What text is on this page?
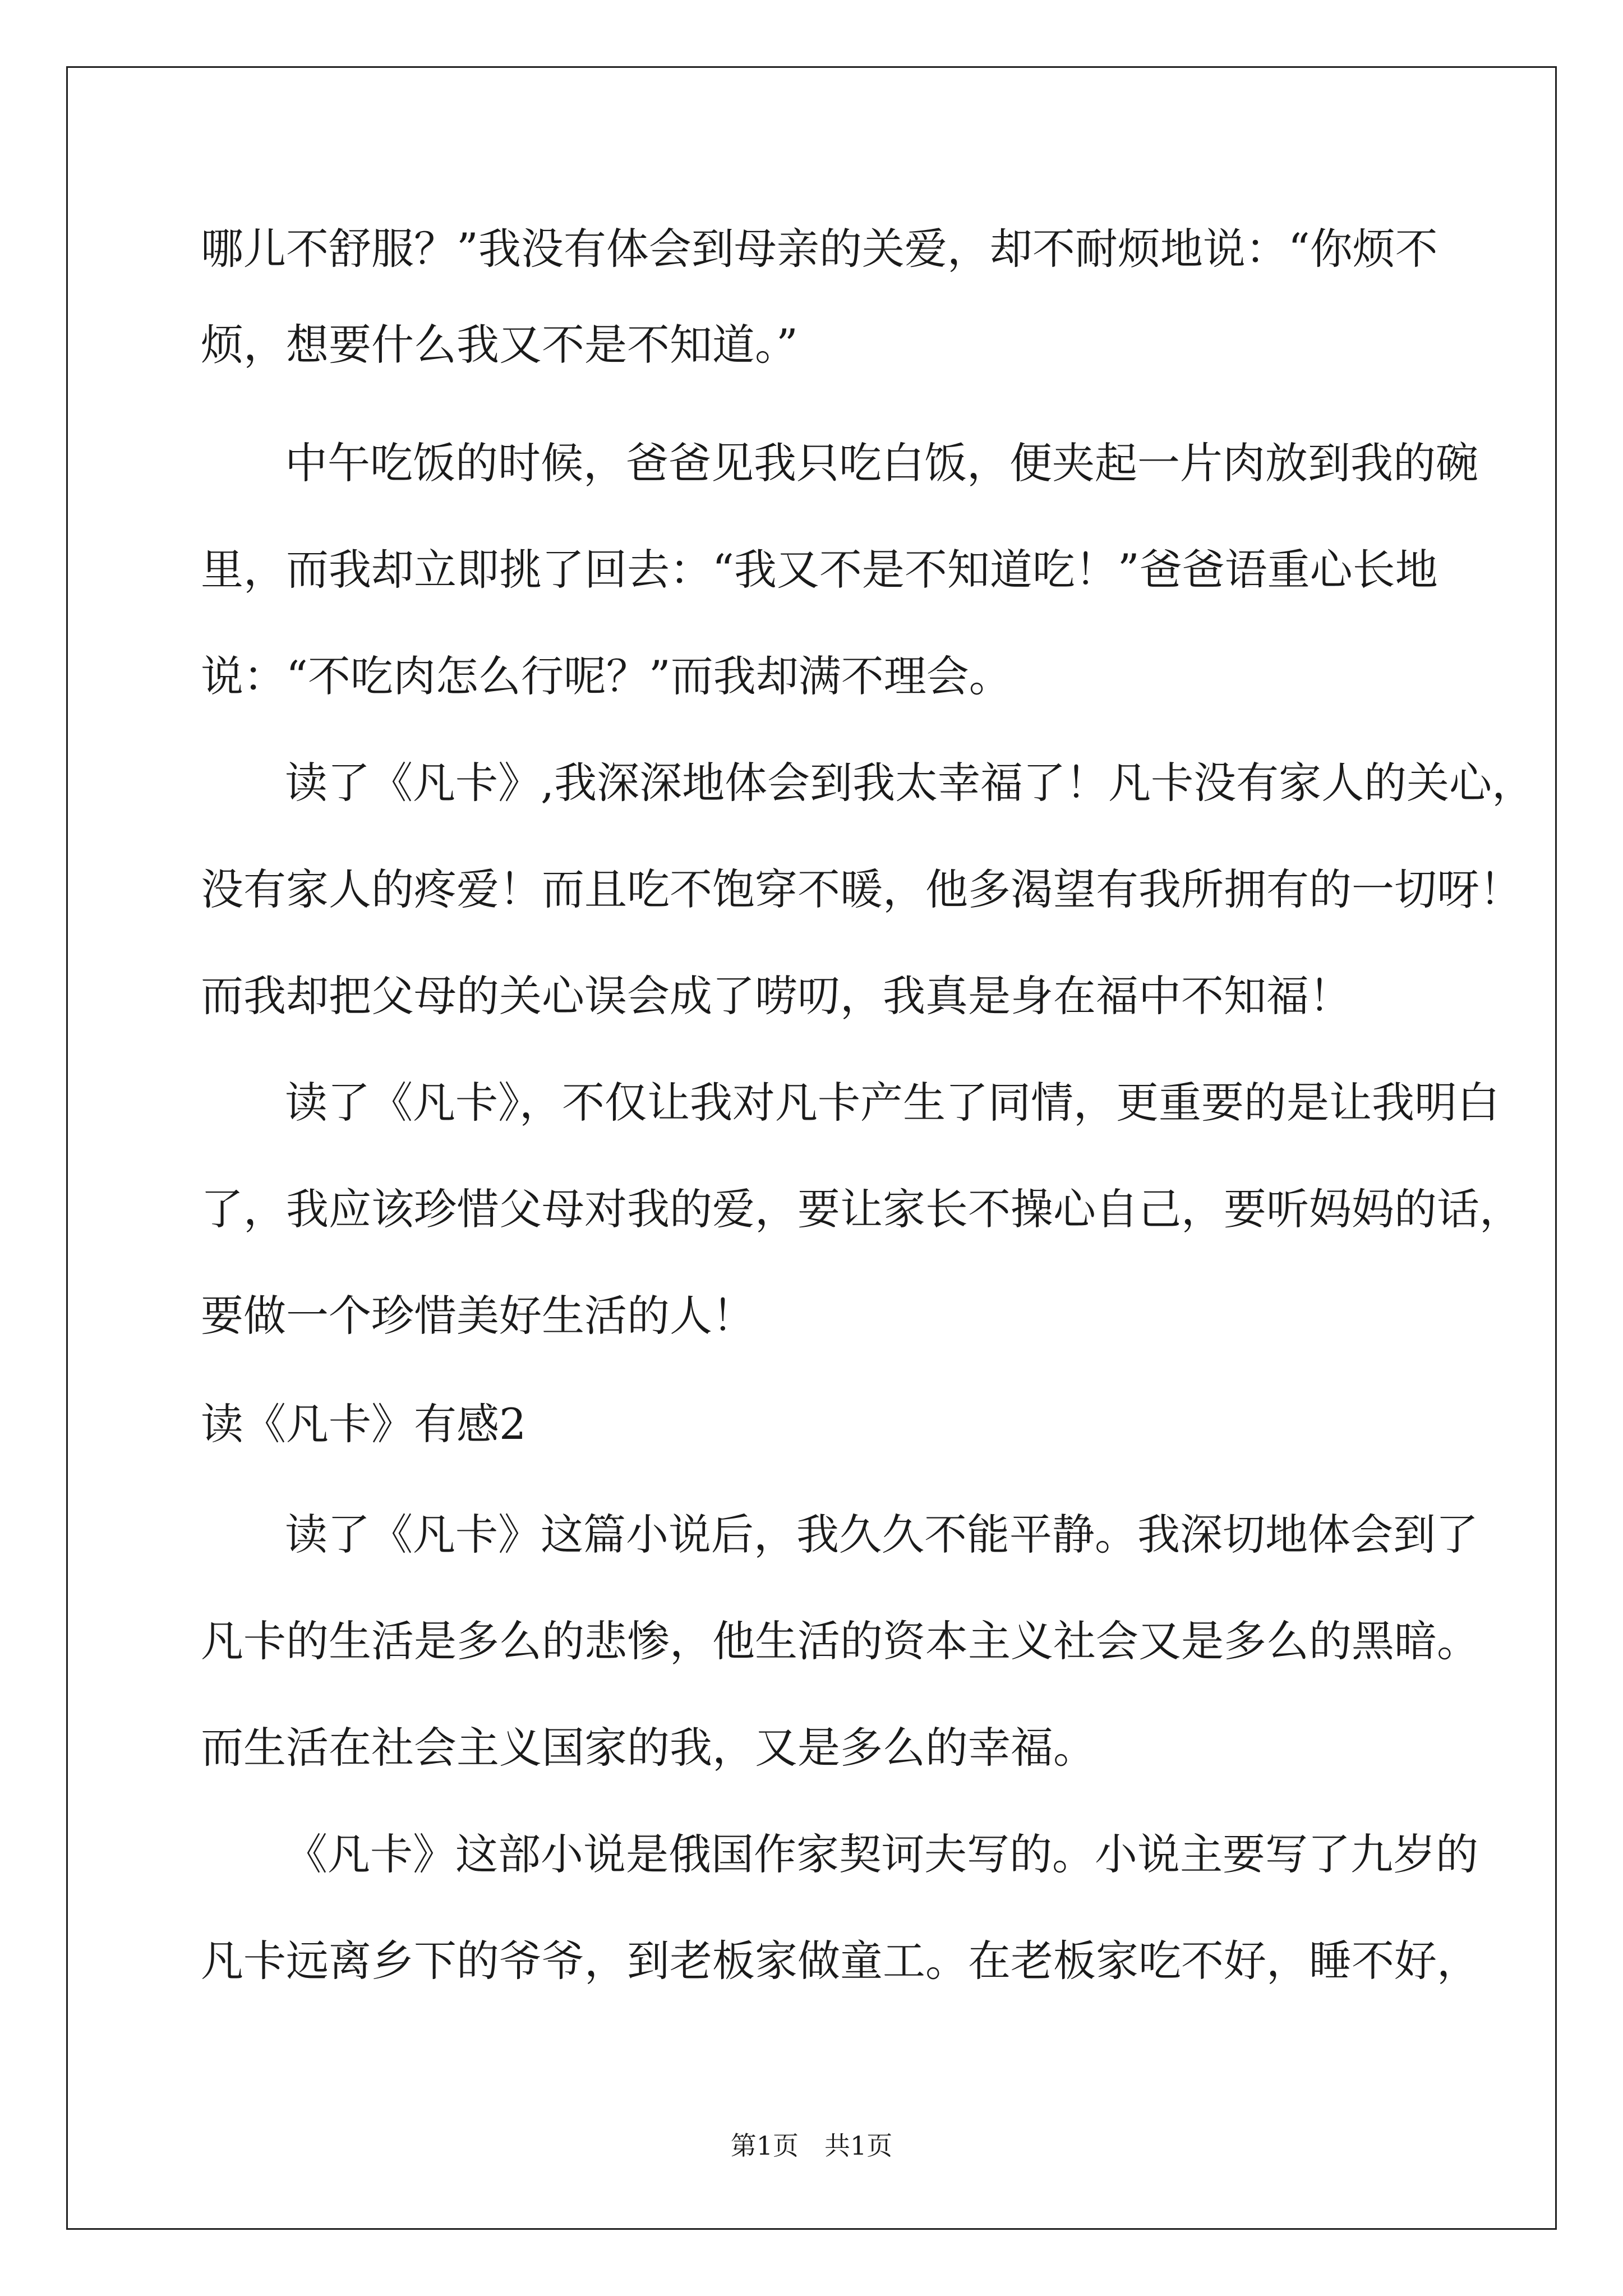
哪儿不舒服？”我没有体会到母亲的关爱，却不耐烦地说：“你烦不
烦，想要什么我又不是不知道。”
中午吃饭的时候，爸爸见我只吃白饭，便夹起一片肉放到我的碗
里，而我却立即挑了回去：“我又不是不知道吃！”爸爸语重心长地
说：“不吃肉怎么行呢？”而我却满不理会。
读了《凡卡》,我深深地体会到我太幸福了！凡卡没有家人的关心，
没有家人的疼爱！而且吃不饱穿不暖，他多渴望有我所拥有的一切呀！
而我却把父母的关心误会成了唠叨，我真是身在福中不知福！
读了《凡卡》，不仅让我对凡卡产生了同情，更重要的是让我明白
了，我应该珍惜父母对我的爱，要让家长不操心自己，要听妈妈的话，
要做一个珍惜美好生活的人！
读《凡卡》有感2
读了《凡卡》这篇小说后，我久久不能平静。我深切地体会到了
凡卡的生活是多么的悲惨，他生活的资本主义社会又是多么的黑暗。
而生活在社会主义国家的我，又是多么的幸福。
《凡卡》这部小说是俄国作家契诃夫写的。小说主要写了九岁的
凡卡远离乡下的爷爷，到老板家做童工。在老板家吃不好，睡不好，
第1页　共1页
